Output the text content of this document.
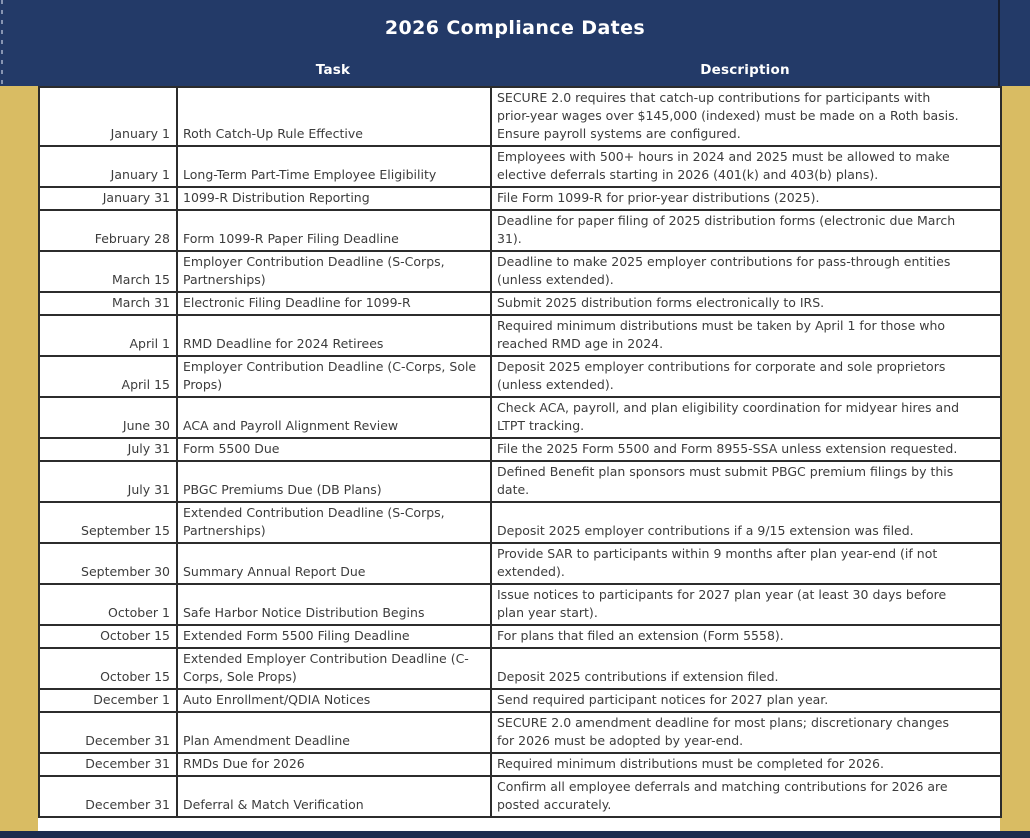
2026 Compliance Dates
Task	Description
January 1	Roth Catch-Up Rule Effective	SECURE 2.0 requires that catch-up contributions for participants with prior-year wages over $145,000 (indexed) must be made on a Roth basis. Ensure payroll systems are configured.
January 1	Long-Term Part-Time Employee Eligibility	Employees with 500+ hours in 2024 and 2025 must be allowed to make elective deferrals starting in 2026 (401(k) and 403(b) plans).
January 31	1099-R Distribution Reporting	File Form 1099-R for prior-year distributions (2025).
February 28	Form 1099-R Paper Filing Deadline	Deadline for paper filing of 2025 distribution forms (electronic due March 31).
March 15	Employer Contribution Deadline (S-Corps, Partnerships)	Deadline to make 2025 employer contributions for pass-through entities (unless extended).
March 31	Electronic Filing Deadline for 1099-R	Submit 2025 distribution forms electronically to IRS.
April 1	RMD Deadline for 2024 Retirees	Required minimum distributions must be taken by April 1 for those who reached RMD age in 2024.
April 15	Employer Contribution Deadline (C-Corps, Sole Props)	Deposit 2025 employer contributions for corporate and sole proprietors (unless extended).
June 30	ACA and Payroll Alignment Review	Check ACA, payroll, and plan eligibility coordination for midyear hires and LTPT tracking.
July 31	Form 5500 Due	File the 2025 Form 5500 and Form 8955-SSA unless extension requested.
July 31	PBGC Premiums Due (DB Plans)	Defined Benefit plan sponsors must submit PBGC premium filings by this date.
September 15	Extended Contribution Deadline (S-Corps, Partnerships)	Deposit 2025 employer contributions if a 9/15 extension was filed.
September 30	Summary Annual Report Due	Provide SAR to participants within 9 months after plan year-end (if not extended).
October 1	Safe Harbor Notice Distribution Begins	Issue notices to participants for 2027 plan year (at least 30 days before plan year start).
October 15	Extended Form 5500 Filing Deadline	For plans that filed an extension (Form 5558).
October 15	Extended Employer Contribution Deadline (C-Corps, Sole Props)	Deposit 2025 contributions if extension filed.
December 1	Auto Enrollment/QDIA Notices	Send required participant notices for 2027 plan year.
December 31	Plan Amendment Deadline	SECURE 2.0 amendment deadline for most plans; discretionary changes for 2026 must be adopted by year-end.
December 31	RMDs Due for 2026	Required minimum distributions must be completed for 2026.
December 31	Deferral & Match Verification	Confirm all employee deferrals and matching contributions for 2026 are posted accurately.
